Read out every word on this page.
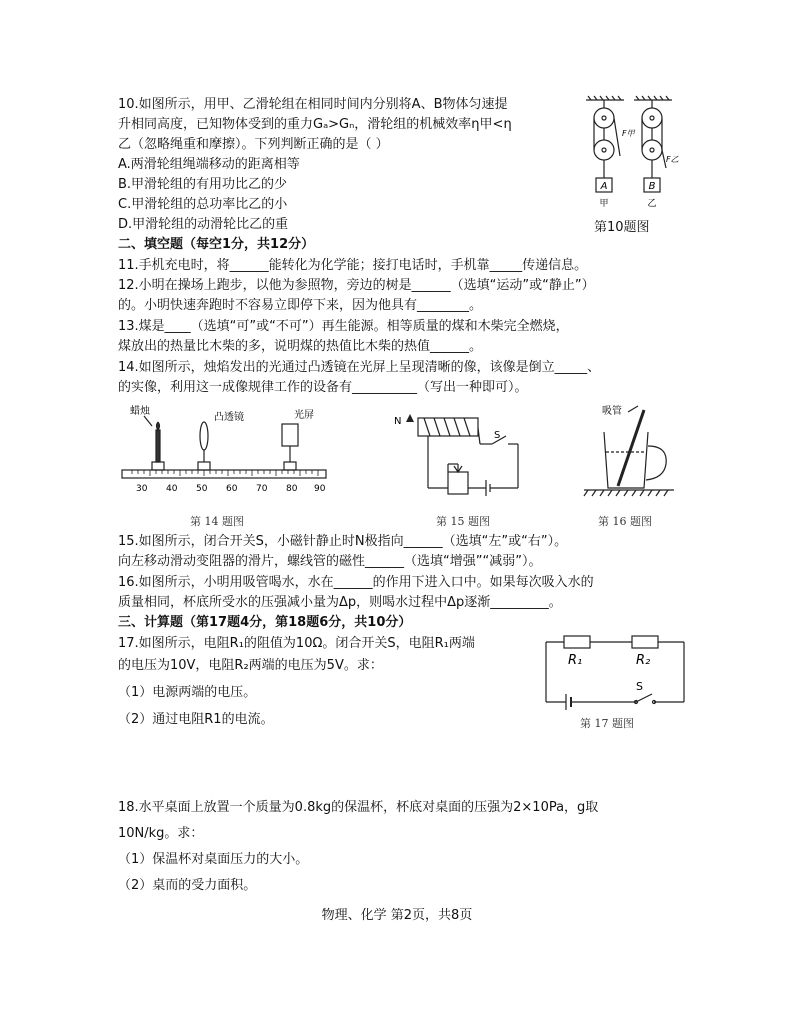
10.如图所示，用甲、乙滑轮组在相同时间内分别将A、B物体匀速提
升相同高度，已知物体受到的重力Gₐ>Gₙ，滑轮组的机械效率η甲<η
乙（忽略绳重和摩擦）。下列判断正确的是（ ）
A.两滑轮组绳端移动的距离相等
B.甲滑轮组的有用功比乙的少
C.甲滑轮组的总功率比乙的小
D.甲滑轮组的动滑轮比乙的重
A	B
甲	乙
F甲
F乙
第10题图
二、填空题（每空1分，共12分）
11.手机充电时，将______能转化为化学能；接打电话时，手机靠_____传递信息。
12.小明在操场上跑步，以他为参照物，旁边的树是______（选填“运动”或“静止”）
的。小明快速奔跑时不容易立即停下来，因为他具有________。
13.煤是____（选填“可”或“不可”）再生能源。相等质量的煤和木柴完全燃烧，
煤放出的热量比木柴的多，说明煤的热值比木柴的热值______。
14.如图所示，烛焰发出的光通过凸透镜在光屏上呈现清晰的像，该像是倒立_____、
的实像，利用这一成像规律工作的设备有__________（写出一种即可）。
蜡烛
凸透镜	光屏
30 40 50 60 70 80 90
第 14 题图
N
S
第 15 题图
吸管
第 16 题图
15.如图所示，闭合开关S，小磁针静止时N极指向______（选填“左”或“右”）。
向左移动滑动变阻器的滑片，螺线管的磁性______（选填“增强”“减弱”）。
16.如图所示，小明用吸管喝水，水在______的作用下进入口中。如果每次吸入水的
质量相同，杯底所受水的压强减小量为Δp，则喝水过程中Δp逐渐_________。
三、计算题（第17题4分，第18题6分，共10分）
17.如图所示，电阻R₁的阻值为10Ω。闭合开关S，电阻R₁两端
的电压为10V，电阻R₂两端的电压为5V。求：
（1）电源两端的电压。
（2）通过电阻R1的电流。
R₁	R₂
S
第 17 题图
18.水平桌面上放置一个质量为0.8kg的保温杯，杯底对桌面的压强为2×10Pa，g取
10N/kg。求：
（1）保温杯对桌面压力的大小。
（2）桌而的受力面积。
物理、化学 第2页，共8页
